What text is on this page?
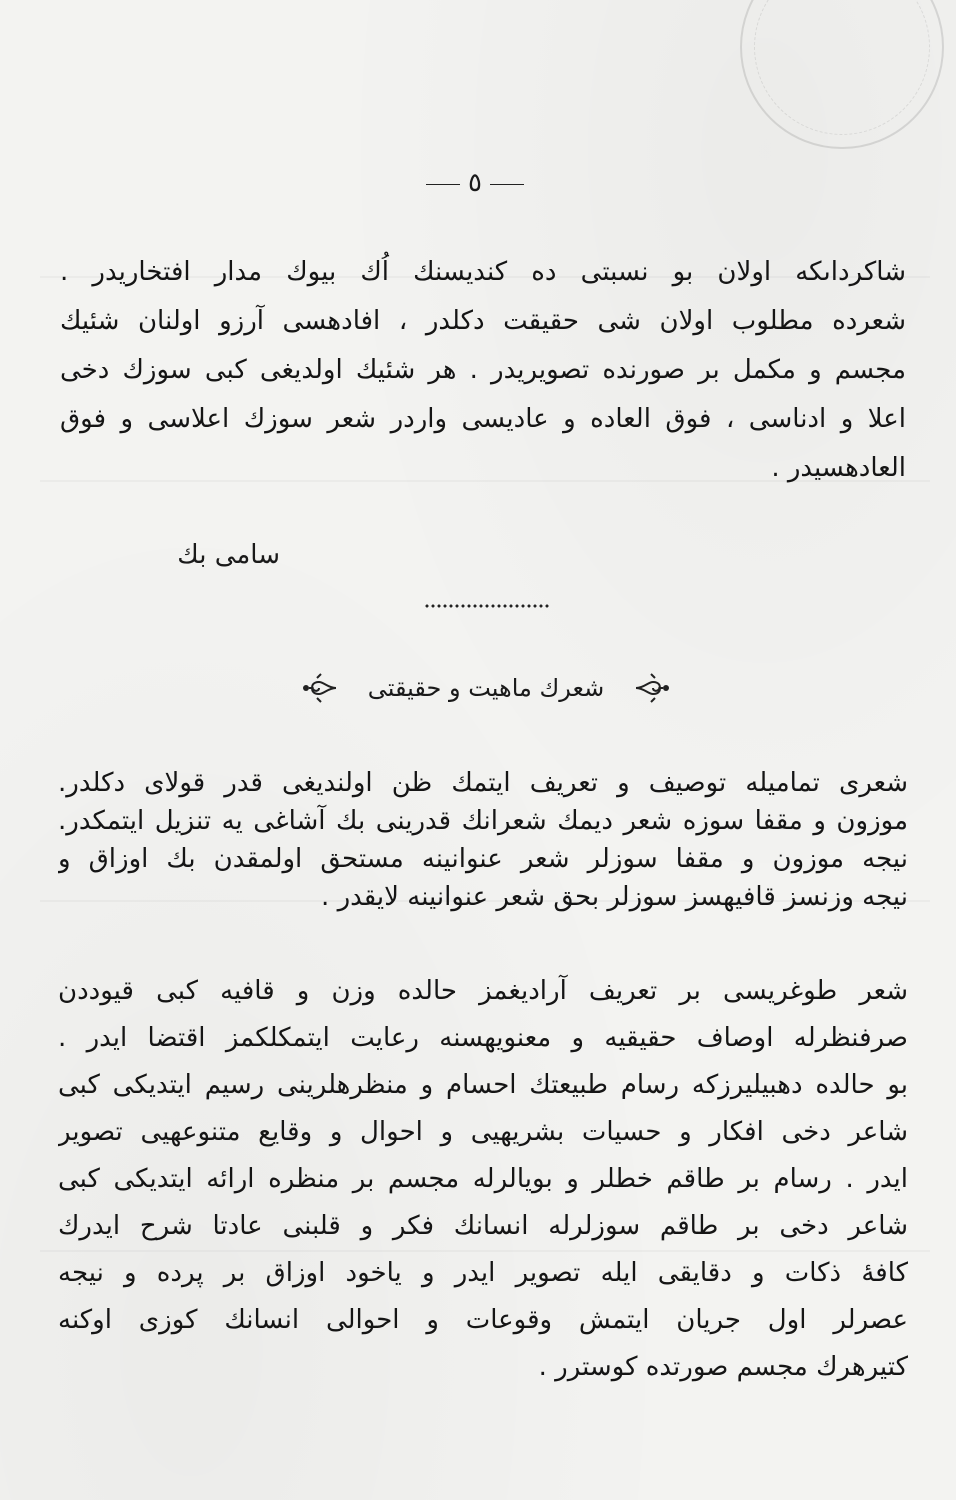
٥
شاکرداںکه اولان بو نسبتی ده کندیسنك اُك بیوك مدار افتخاریدر .
شعرده مطلوب اولان شی حقیقت دکلدر ، افادهسی آرزو اولنان شئیك
مجسم و مکمل بر صورنده تصویریدر . هر شئیك اولدیغی کبی سوزك دخی
اعلا و ادناسی ، فوق العاده و عادیسی واردر شعر سوزك اعلاسی و فوق
العادهسیدر .
سامی بك
شعرك ماهیت و حقیقتی
شعری تمامیله توصیف و تعریف ایتمك ظن اولندیغی قدر قولای دکلدر.
موزون و مقفا سوزه شعر دیمك شعرانك قدرینی بك آشاغی یه تنزیل ایتمکدر.
نیجه موزون و مقفا سوزلر شعر عنوانینه مستحق اولمقدن بك اوزاق و
نیجه وزنسز قافیهسز سوزلر بحق شعر عنوانینه لایقدر .
شعر طوغریسی بر تعریف آرادیغمز حالده وزن و قافیه کبی قیوددن
صرفنظرله اوصاف حقیقیه و معنویهسنه رعایت ایتمکلکمز اقتضا ایدر .
بو حالده دهبیلیرزکه رسام طبیعتك احسام و منظرهلرینی رسیم ایتدیکی کبی
شاعر دخی افکار و حسیات بشریهیی و احوال و وقایع متنوعهیی تصویر
ایدر . رسام بر طاقم خطلر و بویالرله مجسم بر منظره ارائه ایتدیکی کبی
شاعر دخی بر طاقم سوزلرله انسانك فکر و قلبنی عادتا شرح ایدرك
کافهٔ ذکات و دقایقی ایله تصویر ایدر و یاخود اوزاق بر پرده و نیجه
عصرلر اول جریان ایتمش وقوعات و احوالی انسانك کوزی اوکنه
کتیرهرك مجسم صورتده کوسترر .
